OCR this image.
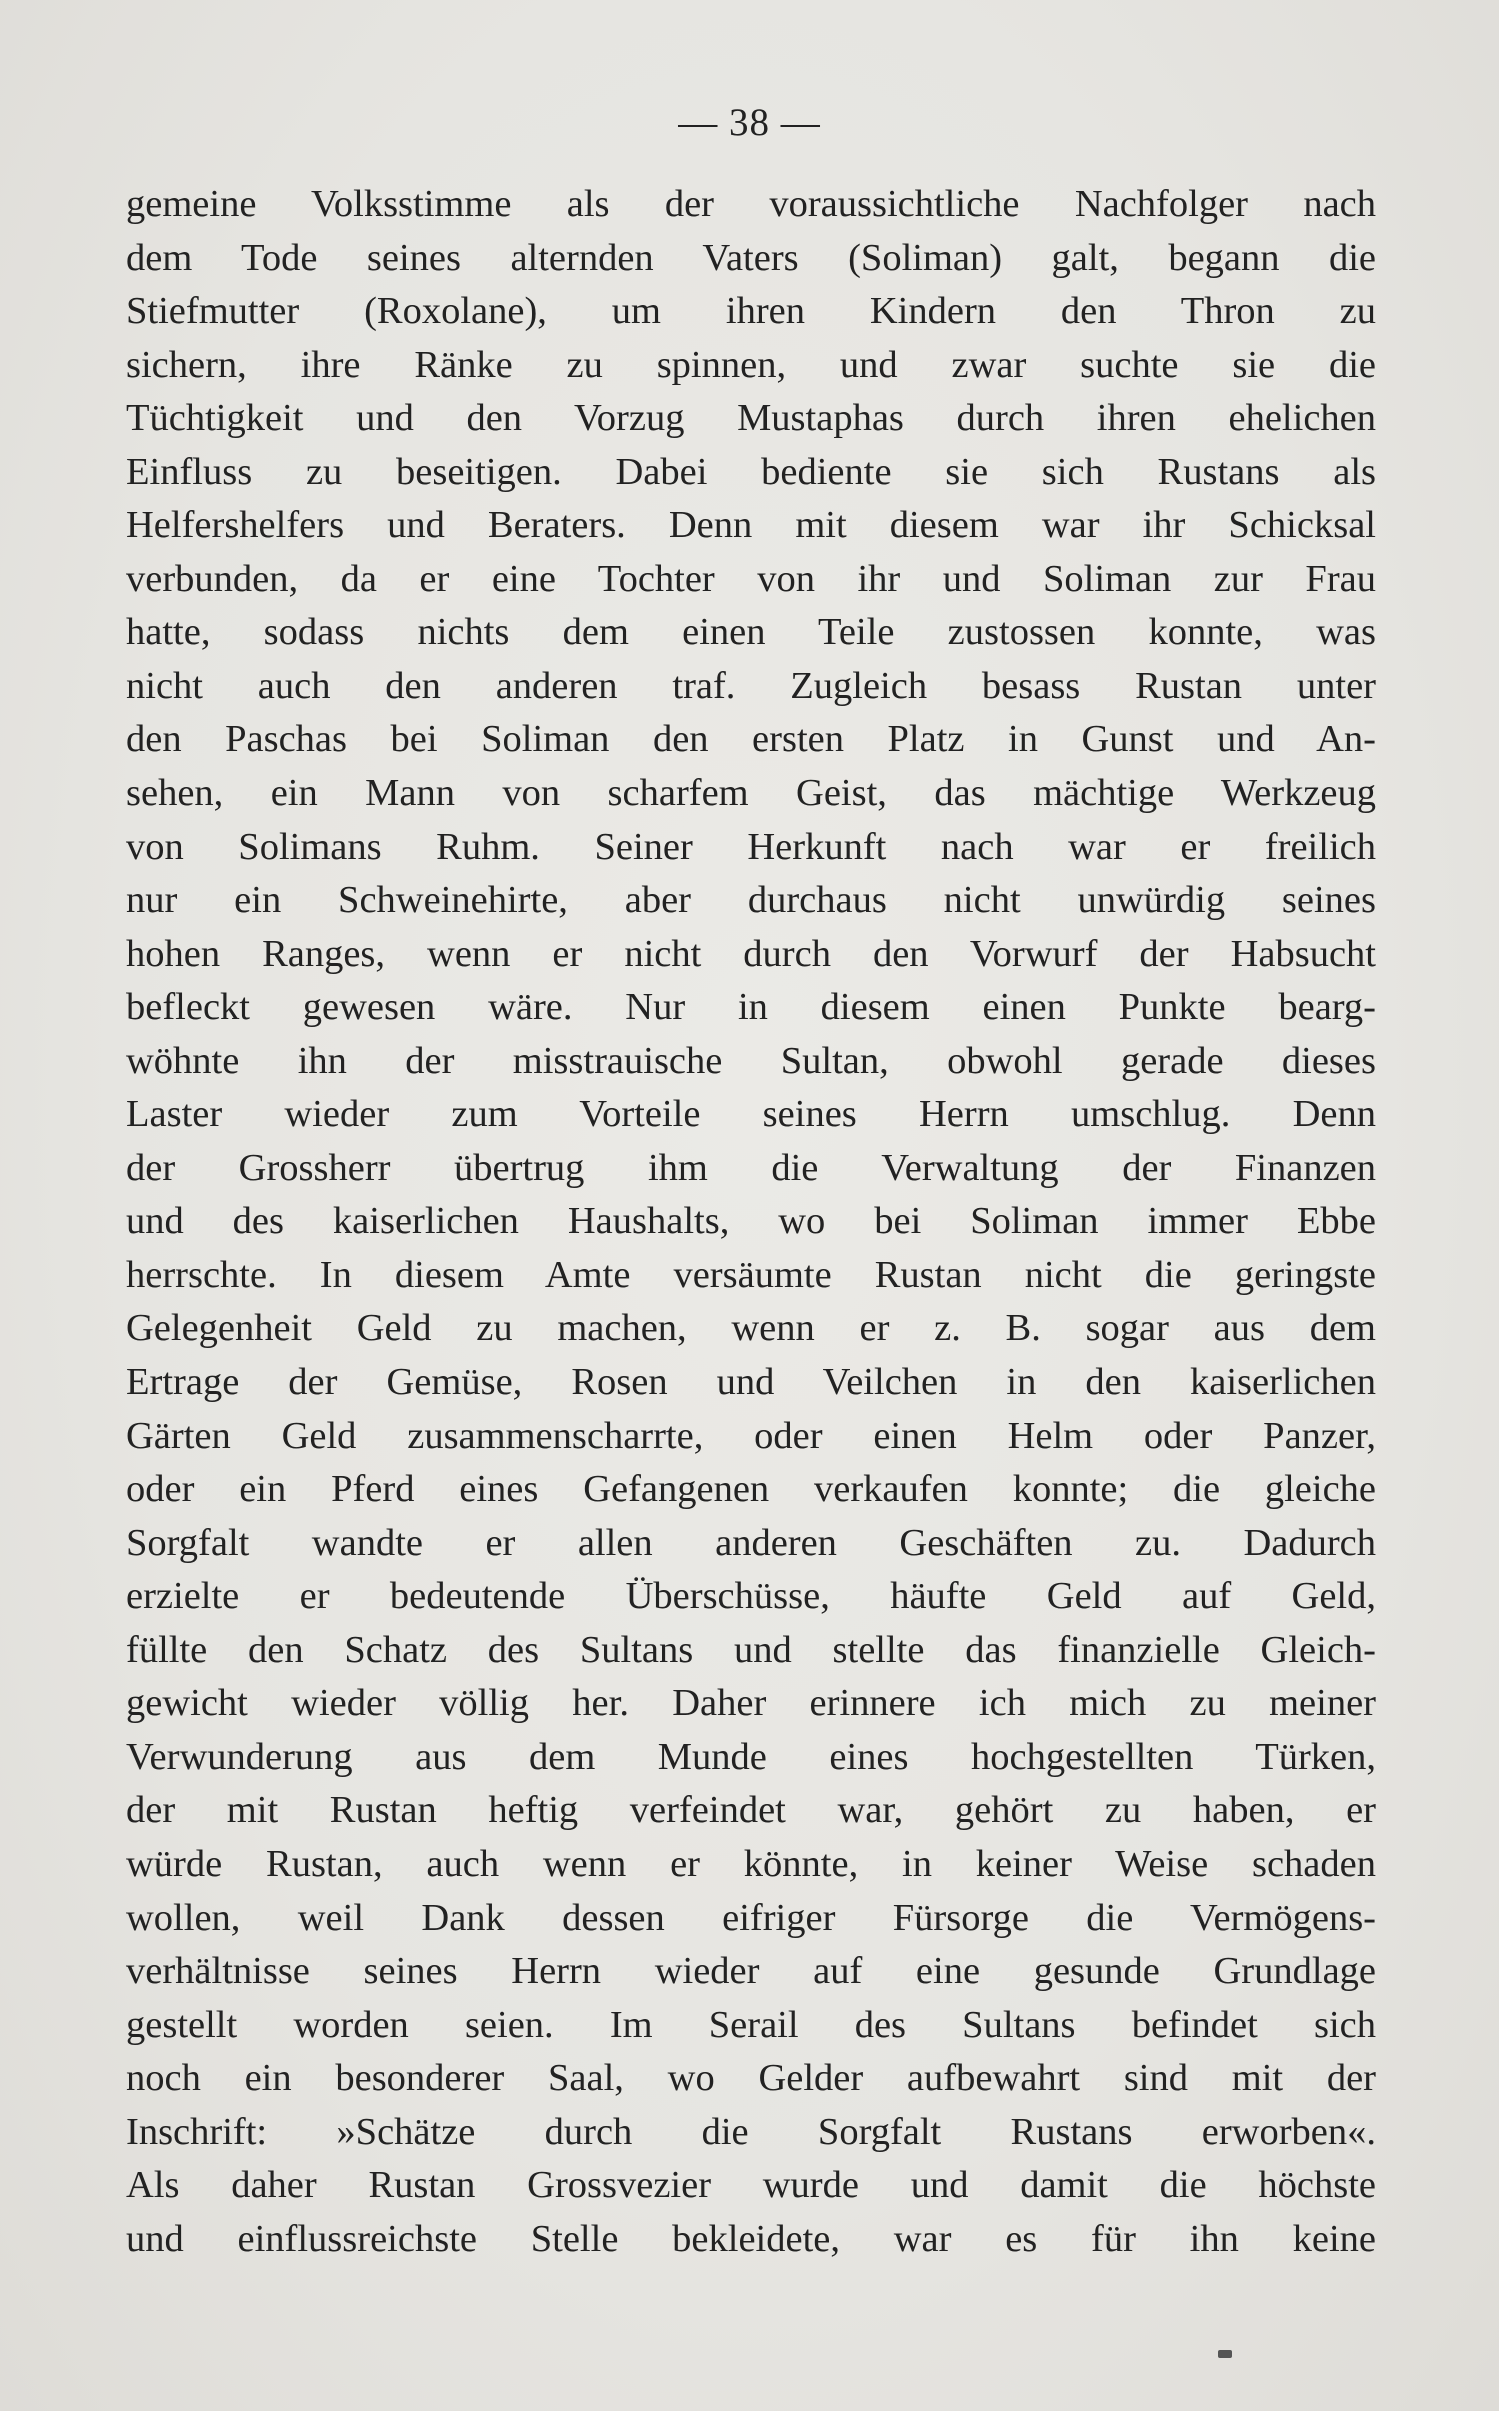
— 38 —
gemeine Volksstimme als der voraussichtliche Nachfolger nach
dem Tode seines alternden Vaters (Soliman) galt, begann die
Stiefmutter (Roxolane), um ihren Kindern den Thron zu
sichern, ihre Ränke zu spinnen, und zwar suchte sie die
Tüchtigkeit und den Vorzug Mustaphas durch ihren ehelichen
Einfluss zu beseitigen. Dabei bediente sie sich Rustans als
Helfershelfers und Beraters. Denn mit diesem war ihr Schicksal
verbunden, da er eine Tochter von ihr und Soliman zur Frau
hatte, sodass nichts dem einen Teile zustossen konnte, was
nicht auch den anderen traf. Zugleich besass Rustan unter
den Paschas bei Soliman den ersten Platz in Gunst und An-
sehen, ein Mann von scharfem Geist, das mächtige Werkzeug
von Solimans Ruhm. Seiner Herkunft nach war er freilich
nur ein Schweinehirte, aber durchaus nicht unwürdig seines
hohen Ranges, wenn er nicht durch den Vorwurf der Habsucht
befleckt gewesen wäre. Nur in diesem einen Punkte bearg-
wöhnte ihn der misstrauische Sultan, obwohl gerade dieses
Laster wieder zum Vorteile seines Herrn umschlug. Denn
der Grossherr übertrug ihm die Verwaltung der Finanzen
und des kaiserlichen Haushalts, wo bei Soliman immer Ebbe
herrschte. In diesem Amte versäumte Rustan nicht die geringste
Gelegenheit Geld zu machen, wenn er z. B. sogar aus dem
Ertrage der Gemüse, Rosen und Veilchen in den kaiserlichen
Gärten Geld zusammenscharrte, oder einen Helm oder Panzer,
oder ein Pferd eines Gefangenen verkaufen konnte; die gleiche
Sorgfalt wandte er allen anderen Geschäften zu. Dadurch
erzielte er bedeutende Überschüsse, häufte Geld auf Geld,
füllte den Schatz des Sultans und stellte das finanzielle Gleich-
gewicht wieder völlig her. Daher erinnere ich mich zu meiner
Verwunderung aus dem Munde eines hochgestellten Türken,
der mit Rustan heftig verfeindet war, gehört zu haben, er
würde Rustan, auch wenn er könnte, in keiner Weise schaden
wollen, weil Dank dessen eifriger Fürsorge die Vermögens-
verhältnisse seines Herrn wieder auf eine gesunde Grundlage
gestellt worden seien. Im Serail des Sultans befindet sich
noch ein besonderer Saal, wo Gelder aufbewahrt sind mit der
Inschrift: »Schätze durch die Sorgfalt Rustans erworben«.
Als daher Rustan Grossvezier wurde und damit die höchste
und einflussreichste Stelle bekleidete, war es für ihn keine
